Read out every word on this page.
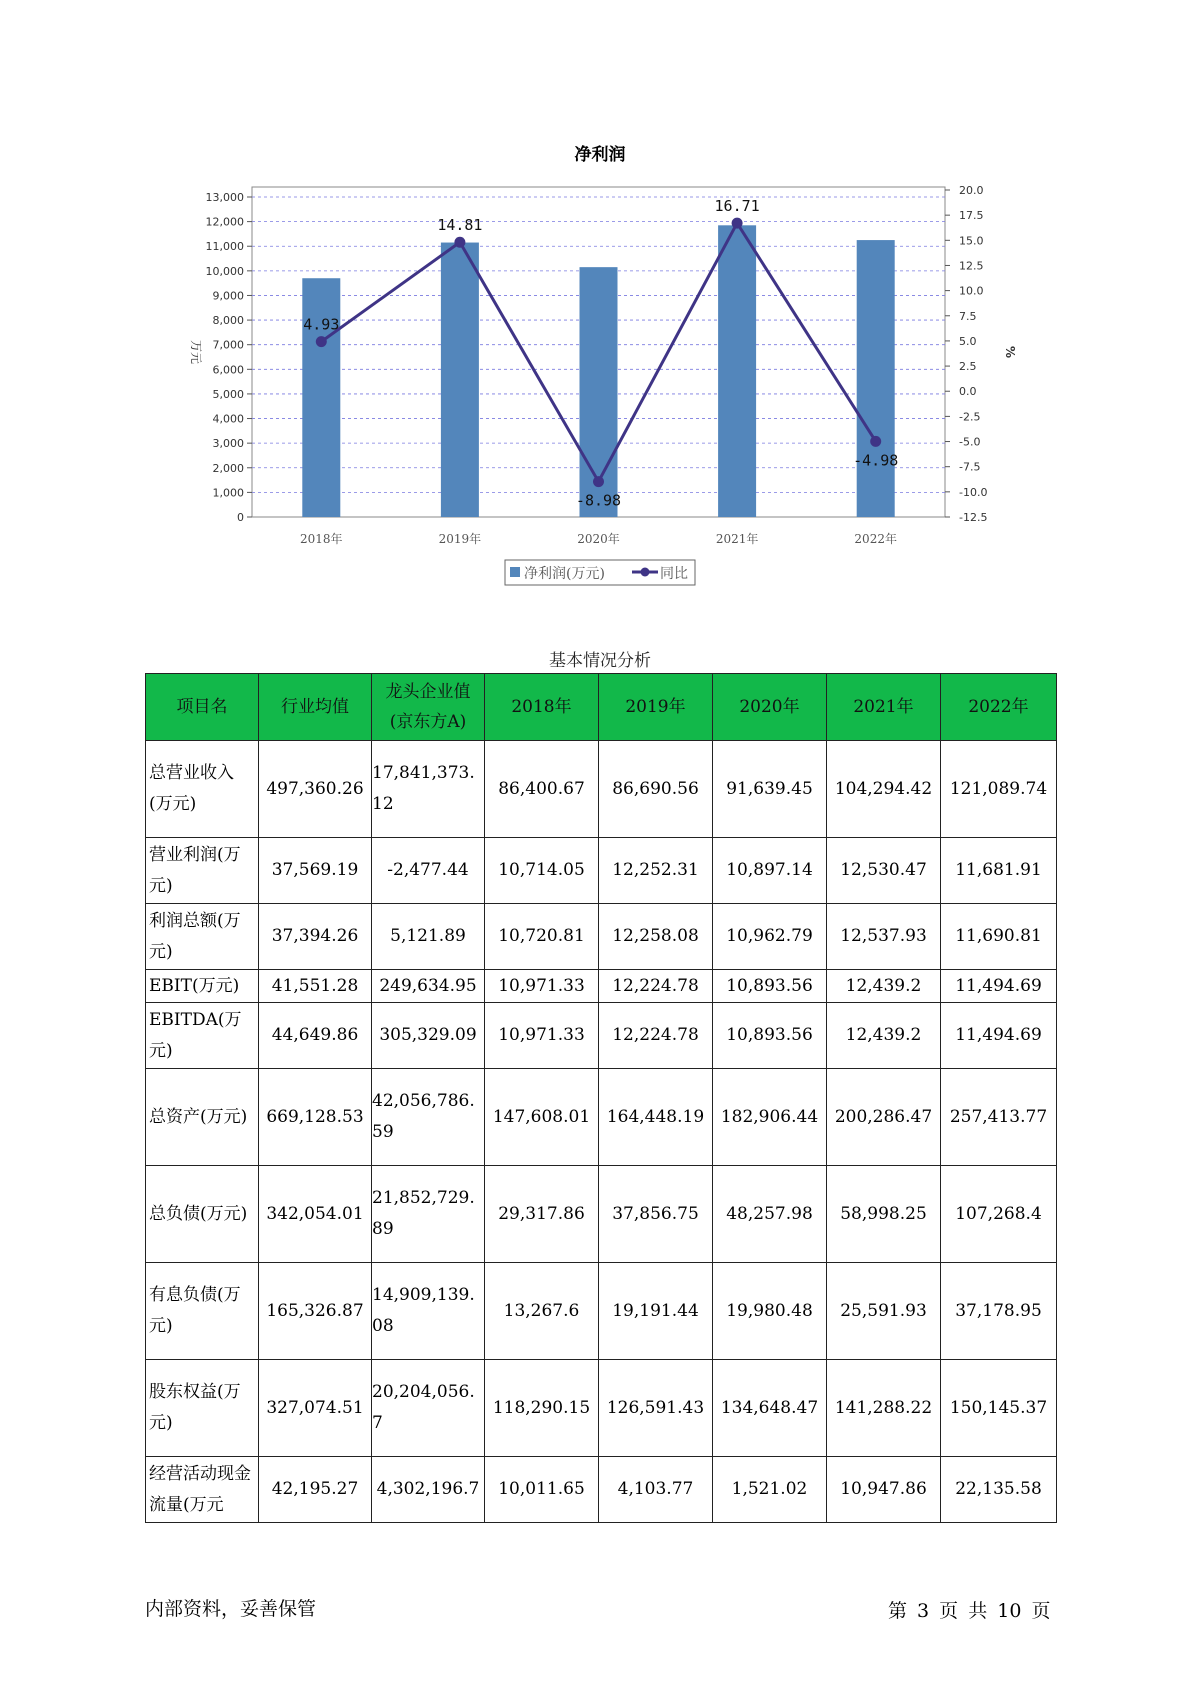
净利润
13,000
12,000
11,000
10,000
9,000
8,000
7,000
6,000
5,000
4,000
3,000
2,000
1,000
0
20.0
17.5
15.0
12.5
10.0
7.5
5.0
2.5
0.0
-2.5
-5.0
-7.5
-10.0
-12.5
万元	%
2018年	2019年	2020年	2021年	2022年
4.93
14.81
-8.98
16.71
-4.98
净利润(万元)	同比
基本情况分析
项目名	行业均值	龙头企业值(京东方A)	2018年	2019年	2020年	2021年	2022年
总营业收入(万元)	497,360.26	17,841,373.12	86,400.67	86,690.56	91,639.45	104,294.42	121,089.74
营业利润(万元)	37,569.19	-2,477.44	10,714.05	12,252.31	10,897.14	12,530.47	11,681.91
利润总额(万元)	37,394.26	5,121.89	10,720.81	12,258.08	10,962.79	12,537.93	11,690.81
EBIT(万元)	41,551.28	249,634.95	10,971.33	12,224.78	10,893.56	12,439.2	11,494.69
EBITDA(万元)	44,649.86	305,329.09	10,971.33	12,224.78	10,893.56	12,439.2	11,494.69
总资产(万元)	669,128.53	42,056,786.59	147,608.01	164,448.19	182,906.44	200,286.47	257,413.77
总负债(万元)	342,054.01	21,852,729.89	29,317.86	37,856.75	48,257.98	58,998.25	107,268.4
有息负债(万元)	165,326.87	14,909,139.08	13,267.6	19,191.44	19,980.48	25,591.93	37,178.95
股东权益(万元)	327,074.51	20,204,056.7	118,290.15	126,591.43	134,648.47	141,288.22	150,145.37
经营活动现金流量(万元	42,195.27	4,302,196.7	10,011.65	4,103.77	1,521.02	10,947.86	22,135.58
内部资料，妥善保管	第 3 页 共 10 页
